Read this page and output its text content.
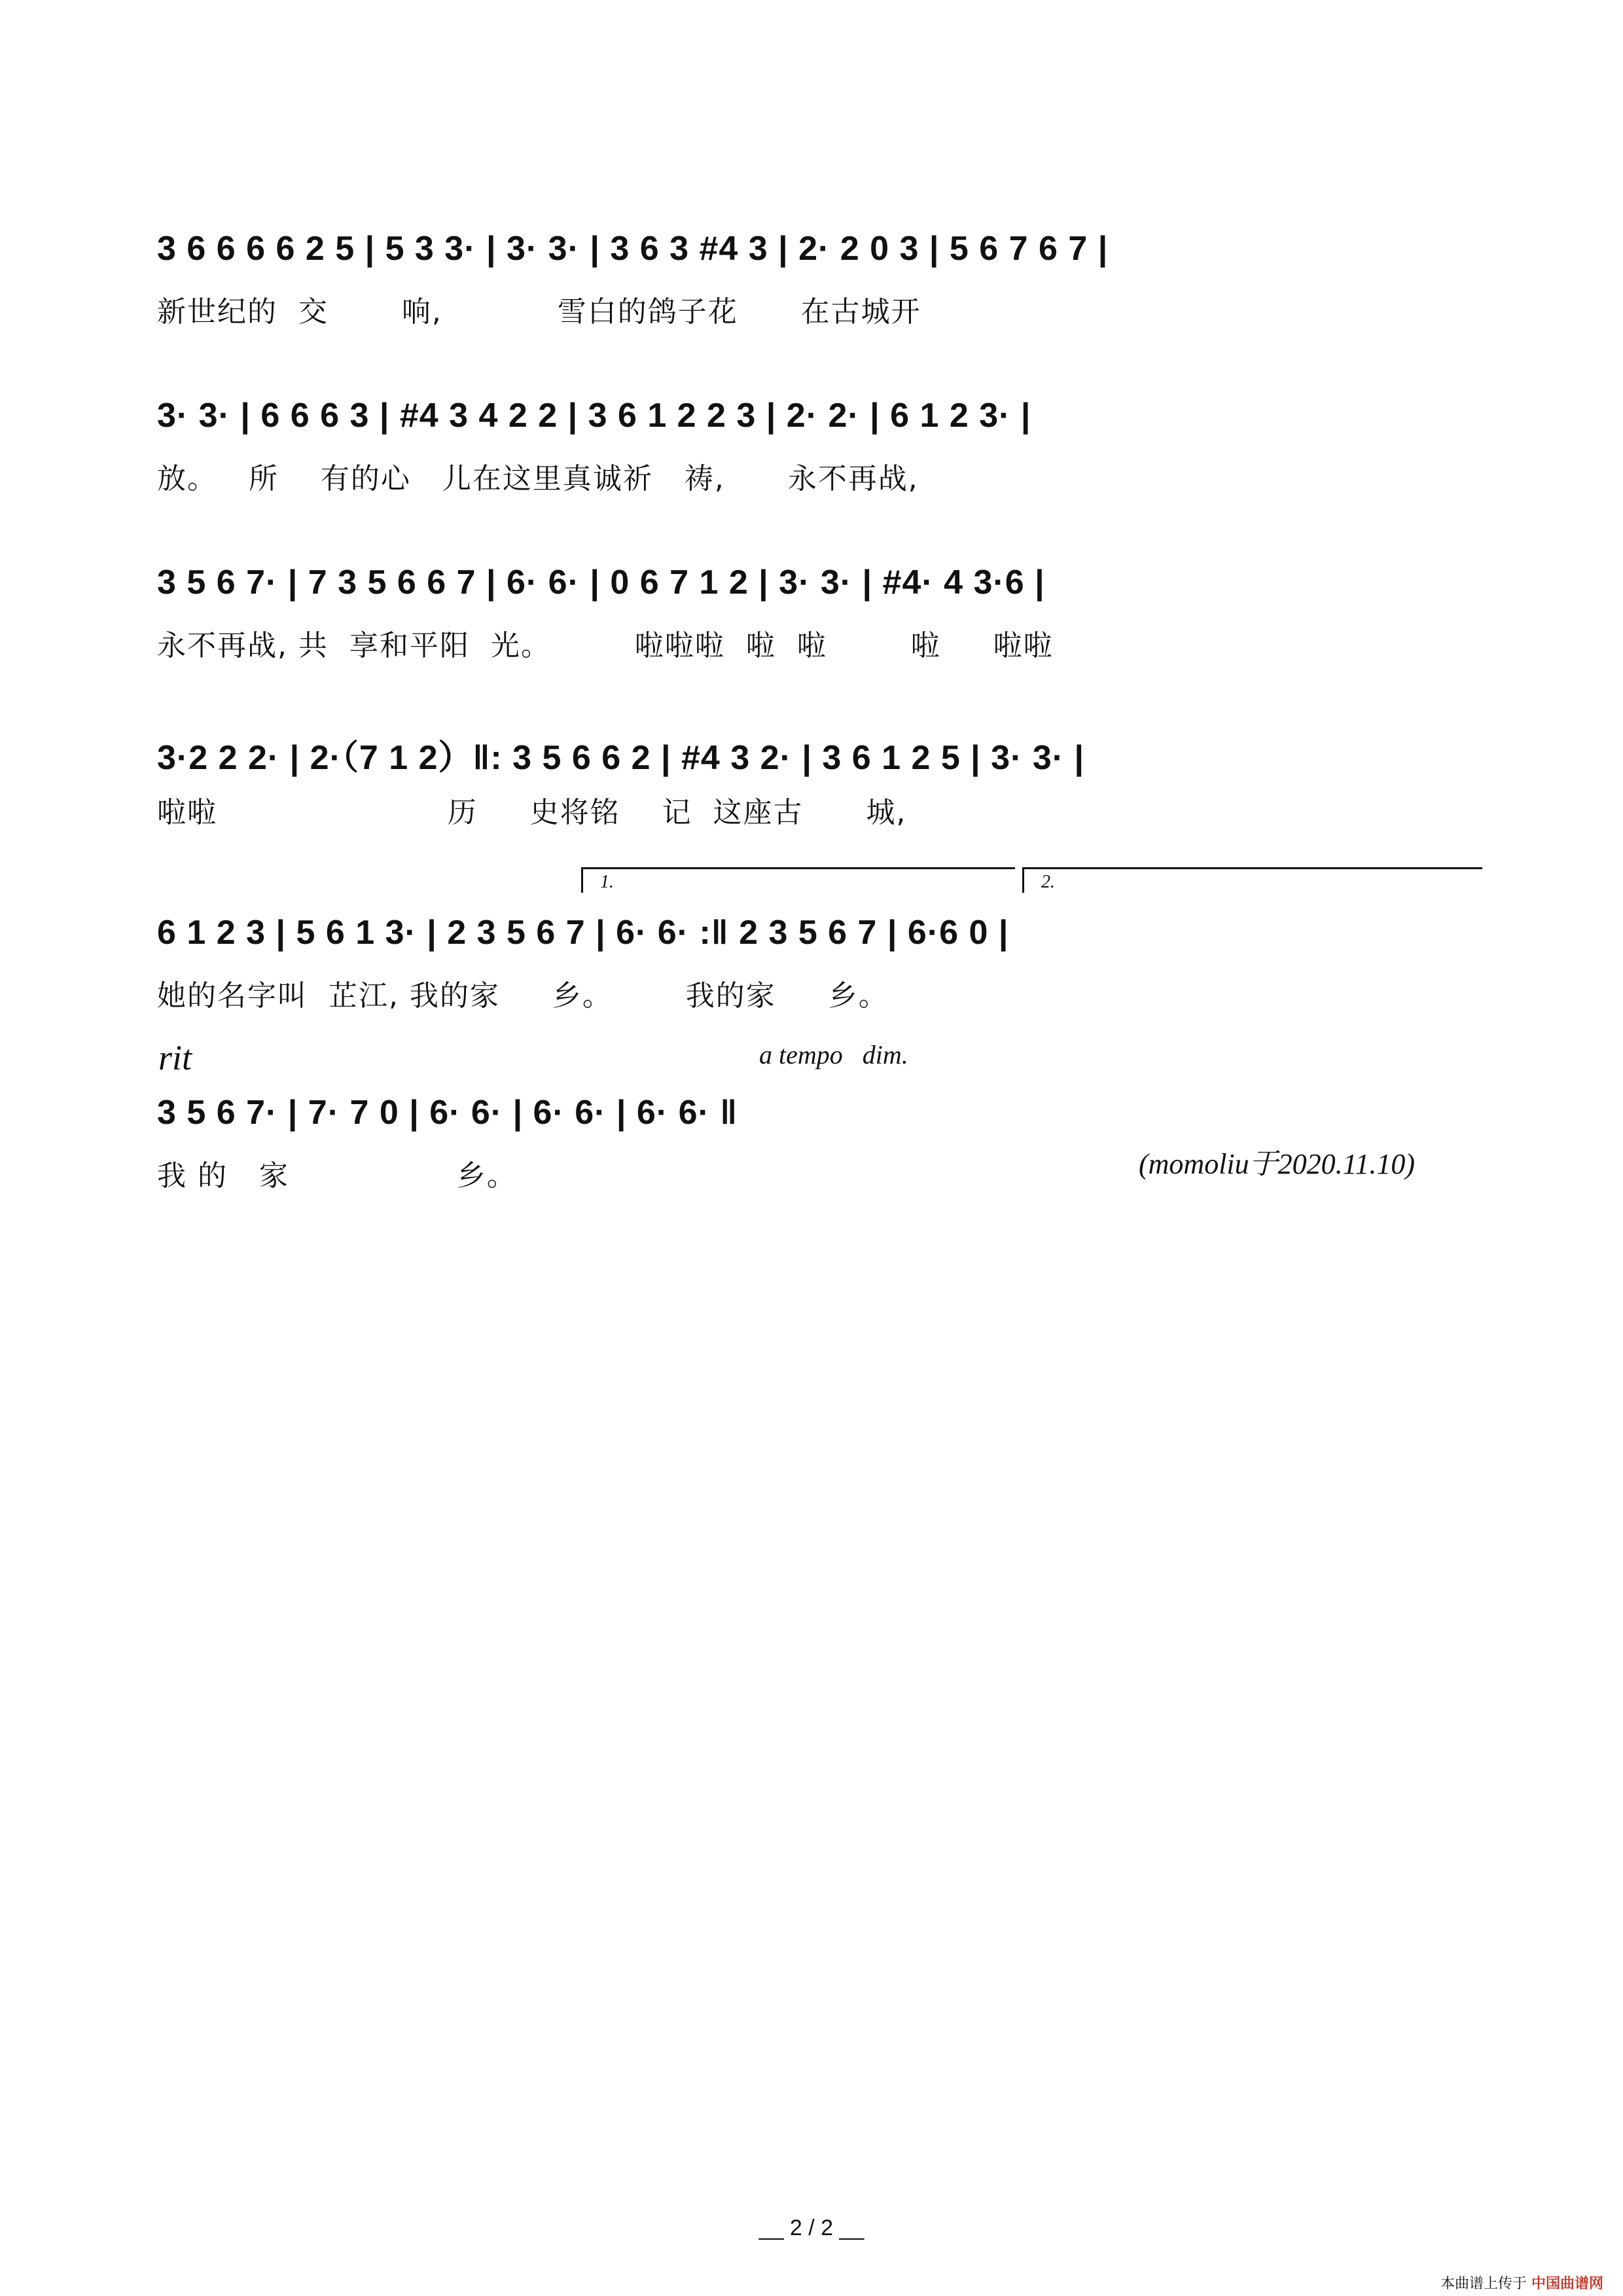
3 6 6 6 6 2 5 | 5 3 3· | 3· 3· | 3 6 3 #4 3 | 2· 2 0 3 | 5 6 7 6 7 |
新世纪的  交       响,           雪白的鸽子花      在古城开
3· 3· | 6 6 6 3 | #4 3 4 2 2 | 3 6 1 2 2 3 | 2· 2· | 6 1 2 3· |
放。   所    有的心   儿在这里真诚祈   祷,      永不再战,
3 5 6 7· | 7 3 5 6 6 7 | 6· 6· | 0 6 7 1 2 | 3· 3· | #4· 4 3·6 |
永不再战, 共  享和平阳  光。        啦啦啦  啦  啦        啦     啦啦
3·2 2 2· | 2·（7 1 2）‖: 3 5 6 6 2 | #4 3 2· | 3 6 1 2 5 | 3· 3· |
啦啦                      历     史将铭    记  这座古      城,
1.	2.
6 1 2 3 | 5 6 1 3· | 2 3 5 6 7 | 6· 6· :‖ 2 3 5 6 7 | 6·6 0 |
她的名字叫  芷江, 我的家     乡。       我的家     乡。
rit	a tempo   dim.
3 5 6 7· | 7· 7 0 | 6· 6· | 6· 6· | 6· 6· ‖
我 的   家                乡。	(momoliu于2020.11.10)
__ 2 / 2 __
本曲谱上传于 中国曲谱网
